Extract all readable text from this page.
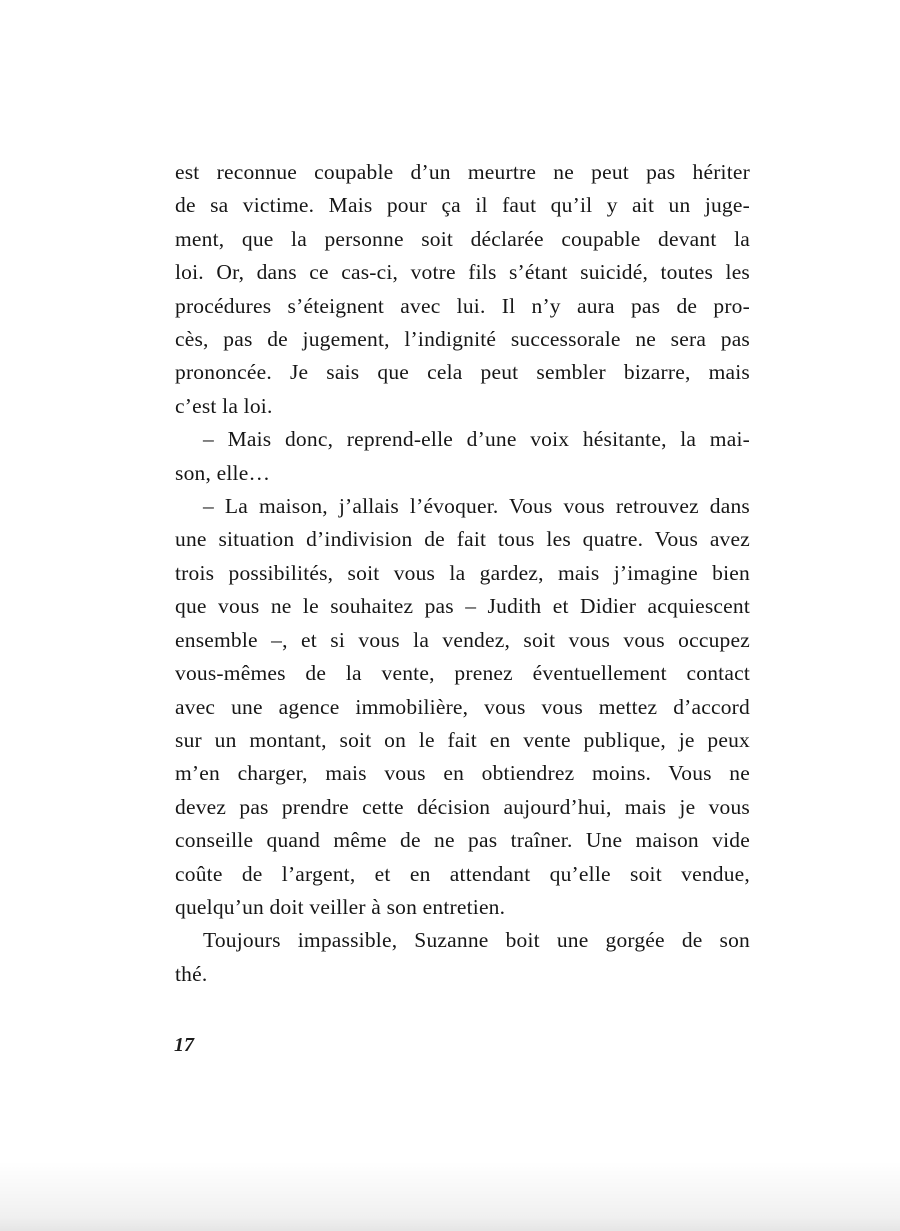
est reconnue coupable d’un meurtre ne peut pas hériter
de sa victime. Mais pour ça il faut qu’il y ait un juge-
ment, que la personne soit déclarée coupable devant la
loi. Or, dans ce cas-ci, votre fils s’étant suicidé, toutes les
procédures s’éteignent avec lui. Il n’y aura pas de pro-
cès, pas de jugement, l’indignité successorale ne sera pas
prononcée. Je sais que cela peut sembler bizarre, mais
c’est la loi.
– Mais donc, reprend-elle d’une voix hésitante, la mai-
son, elle…
– La maison, j’allais l’évoquer. Vous vous retrouvez dans
une situation d’indivision de fait tous les quatre. Vous avez
trois possibilités, soit vous la gardez, mais j’imagine bien
que vous ne le souhaitez pas – Judith et Didier acquiescent
ensemble –, et si vous la vendez, soit vous vous occupez
vous-mêmes de la vente, prenez éventuellement contact
avec une agence immobilière, vous vous mettez d’accord
sur un montant, soit on le fait en vente publique, je peux
m’en charger, mais vous en obtiendrez moins. Vous ne
devez pas prendre cette décision aujourd’hui, mais je vous
conseille quand même de ne pas traîner. Une maison vide
coûte de l’argent, et en attendant qu’elle soit vendue,
quelqu’un doit veiller à son entretien.
Toujours impassible, Suzanne boit une gorgée de son
thé.
17
